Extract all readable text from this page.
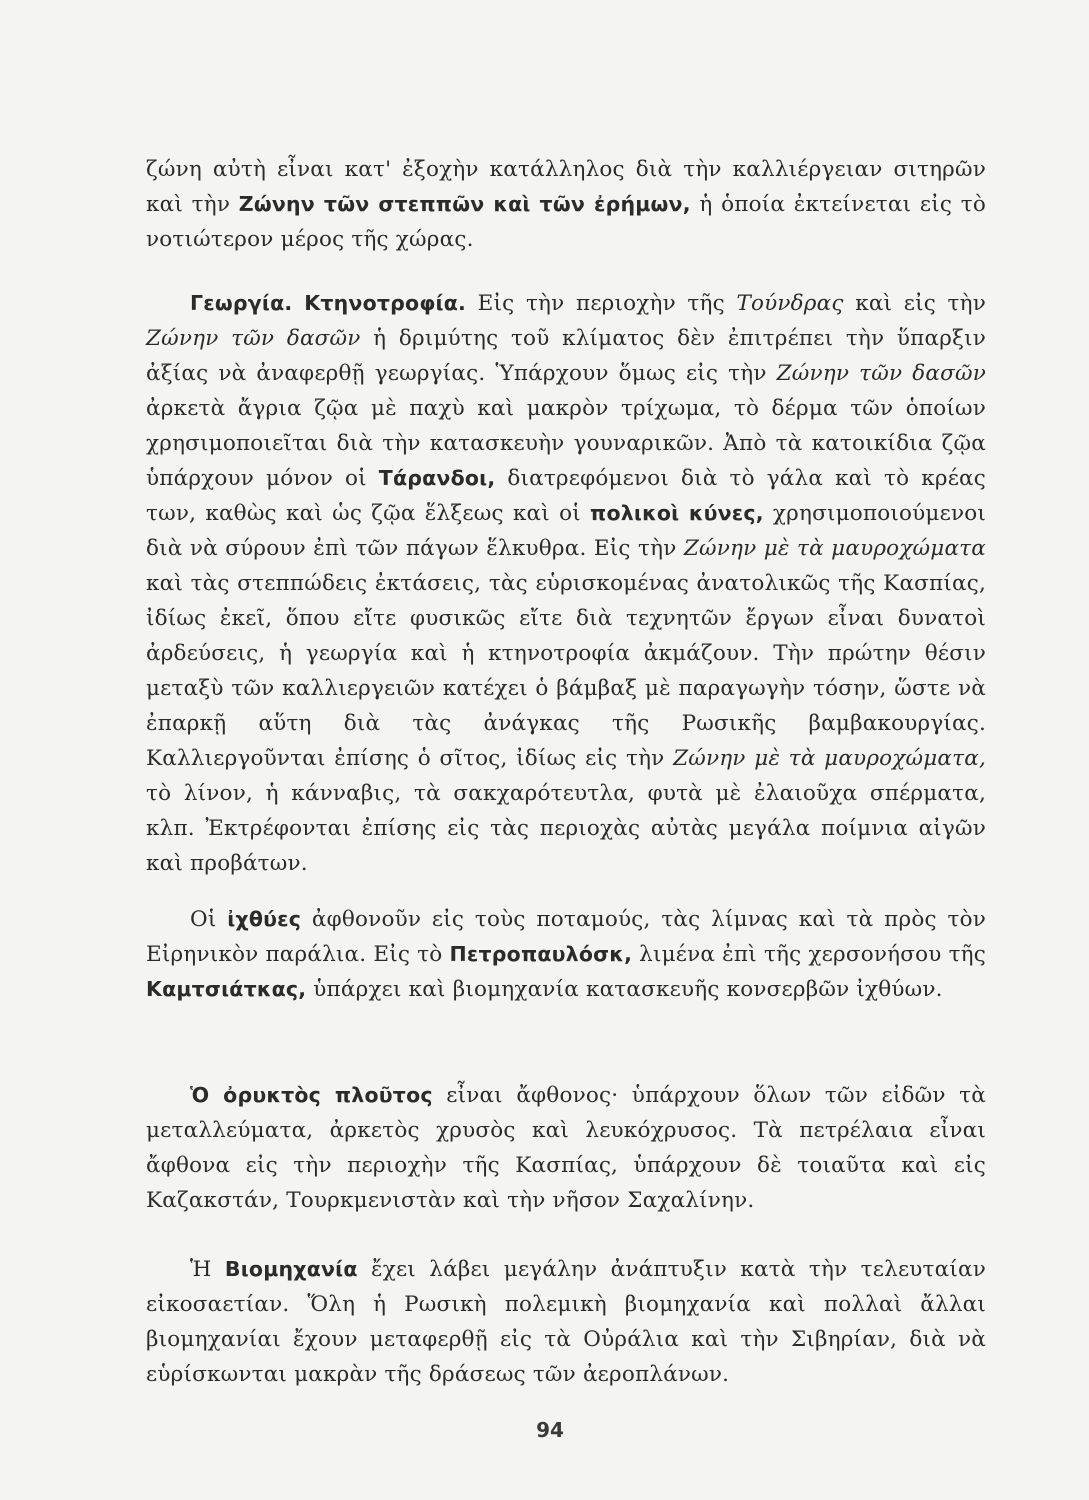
ζώνη αὐτὴ εἶναι κατ' ἐξοχὴν κατάλληλος διὰ τὴν καλλιέργειαν σιτηρῶν καὶ τὴν Ζώνην τῶν στεππῶν καὶ τῶν ἐρήμων, ἡ ὁποία ἐκτείνεται εἰς τὸ νοτιώτερον μέρος τῆς χώρας.

Γεωργία. Κτηνοτροφία. Εἰς τὴν περιοχὴν τῆς Τούνδρας καὶ εἰς τὴν Ζώνην τῶν δασῶν ἡ δριμύτης τοῦ κλίματος δὲν ἐπιτρέπει τὴν ὕπαρξιν ἀξίας νὰ ἀναφερθῇ γεωργίας. Ὑπάρχουν ὅμως εἰς τὴν Ζώνην τῶν δασῶν ἀρκετὰ ἄγρια ζῷα μὲ παχὺ καὶ μακρὸν τρίχωμα, τὸ δέρμα τῶν ὁποίων χρησιμοποιεῖται διὰ τὴν κατασκευὴν γουναρικῶν. Ἀπὸ τὰ κατοικίδια ζῷα ὑπάρχουν μόνον οἱ Τάρανδοι, διατρεφόμενοι διὰ τὸ γάλα καὶ τὸ κρέας των, καθὼς καὶ ὡς ζῷα ἕλξεως καὶ οἱ πολικοὶ κύνες, χρησιμοποιούμενοι διὰ νὰ σύρουν ἐπὶ τῶν πάγων ἕλκυθρα. Εἰς τὴν Ζώνην μὲ τὰ μαυροχώματα καὶ τὰς στεππώδεις ἐκτάσεις, τὰς εὑρισκομένας ἀνατολικῶς τῆς Κασπίας, ἰδίως ἐκεῖ, ὅπου εἴτε φυσικῶς εἴτε διὰ τεχνητῶν ἔργων εἶναι δυνατοὶ ἀρδεύσεις, ἡ γεωργία καὶ ἡ κτηνοτροφία ἀκμάζουν. Τὴν πρώτην θέσιν μεταξὺ τῶν καλλιεργειῶν κατέχει ὁ βάμβαξ μὲ παραγωγὴν τόσην, ὥστε νὰ ἐπαρκῇ αὕτη διὰ τὰς ἀνάγκας τῆς Ρωσικῆς βαμβακουργίας. Καλλιεργοῦνται ἐπίσης ὁ σῖτος, ἰδίως εἰς τὴν Ζώνην μὲ τὰ μαυροχώματα, τὸ λίνον, ἡ κάνναβις, τὰ σακχαρότευτλα, φυτὰ μὲ ἐλαιοῦχα σπέρματα, κλπ. Ἐκτρέφονται ἐπίσης εἰς τὰς περιοχὰς αὐτὰς μεγάλα ποίμνια αἰγῶν καὶ προβάτων.

Οἱ ἰχθύες ἀφθονοῦν εἰς τοὺς ποταμούς, τὰς λίμνας καὶ τὰ πρὸς τὸν Εἰρηνικὸν παράλια. Εἰς τὸ Πετροπαυλόσκ, λιμένα ἐπὶ τῆς χερσονήσου τῆς Καμτσιάτκας, ὑπάρχει καὶ βιομηχανία κατασκευῆς κονσερβῶν ἰχθύων.

Ὁ ὀρυκτὸς πλοῦτος εἶναι ἄφθονος· ὑπάρχουν ὅλων τῶν εἰδῶν τὰ μεταλλεύματα, ἀρκετὸς χρυσὸς καὶ λευκόχρυσος. Τὰ πετρέλαια εἶναι ἄφθονα εἰς τὴν περιοχὴν τῆς Κασπίας, ὑπάρχουν δὲ τοιαῦτα καὶ εἰς Καζακστάν, Τουρκμενιστὰν καὶ τὴν νῆσον Σαχαλίνην.

Ἡ Βιομηχανία ἔχει λάβει μεγάλην ἀνάπτυξιν κατὰ τὴν τελευταίαν εἰκοσαετίαν. Ὅλη ἡ Ρωσικὴ πολεμικὴ βιομηχανία καὶ πολλαὶ ἄλλαι βιομηχανίαι ἔχουν μεταφερθῇ εἰς τὰ Οὐράλια καὶ τὴν Σιβηρίαν, διὰ νὰ εὑρίσκωνται μακρὰν τῆς δράσεως τῶν ἀεροπλάνων.

94
